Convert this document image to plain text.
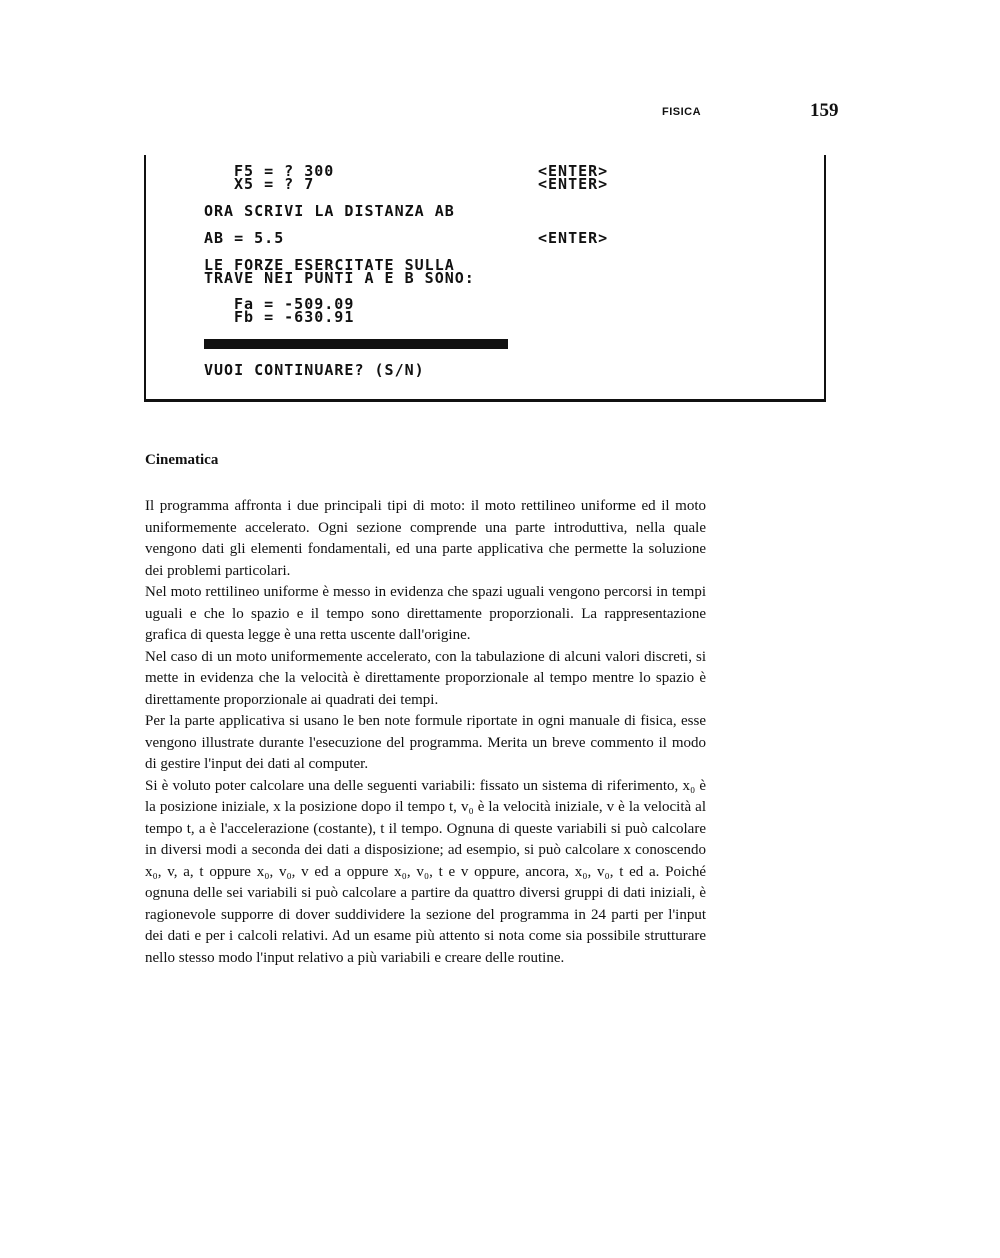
FISICA	159
F5 = ? 300
X5 = ? 7
<ENTER>
<ENTER>
ORA SCRIVI LA DISTANZA AB
AB = 5.5	<ENTER>
LE FORZE ESERCITATE SULLA
TRAVE NEI PUNTI A E B SONO:
Fa = -509.09
Fb = -630.91
VUOI CONTINUARE? (S/N)
Cinematica

Il programma affronta i due principali tipi di moto: il moto rettilineo uniforme ed il moto uniformemente accelerato. Ogni sezione comprende una parte introduttiva, nella quale vengono dati gli elementi fondamentali, ed una parte applicativa che permette la soluzione dei problemi particolari.

Nel moto rettilineo uniforme è messo in evidenza che spazi uguali vengono percorsi in tempi uguali e che lo spazio e il tempo sono direttamente proporzionali. La rappresentazione grafica di questa legge è una retta uscente dall'origine.

Nel caso di un moto uniformemente accelerato, con la tabulazione di alcuni valori discreti, si mette in evidenza che la velocità è direttamente proporzionale al tempo mentre lo spazio è direttamente proporzionale ai quadrati dei tempi.

Per la parte applicativa si usano le ben note formule riportate in ogni manuale di fisica, esse vengono illustrate durante l'esecuzione del programma. Merita un breve commento il modo di gestire l'input dei dati al computer.

Si è voluto poter calcolare una delle seguenti variabili: fissato un sistema di riferimento, x₀ è la posizione iniziale, x la posizione dopo il tempo t, v₀ è la velocità iniziale, v è la velocità al tempo t, a è l'accelerazione (costante), t il tempo. Ognuna di queste variabili si può calcolare in diversi modi a seconda dei dati a disposizione; ad esempio, si può calcolare x conoscendo x₀, v, a, t oppure x₀, v₀, v ed a oppure x₀, v₀, t e v oppure, ancora, x₀, v₀, t ed a. Poiché ognuna delle sei variabili si può calcolare a partire da quattro diversi gruppi di dati iniziali, è ragionevole supporre di dover suddividere la sezione del programma in 24 parti per l'input dei dati e per i calcoli relativi. Ad un esame più attento si nota come sia possibile strutturare nello stesso modo l'input relativo a più variabili e creare delle routine.
